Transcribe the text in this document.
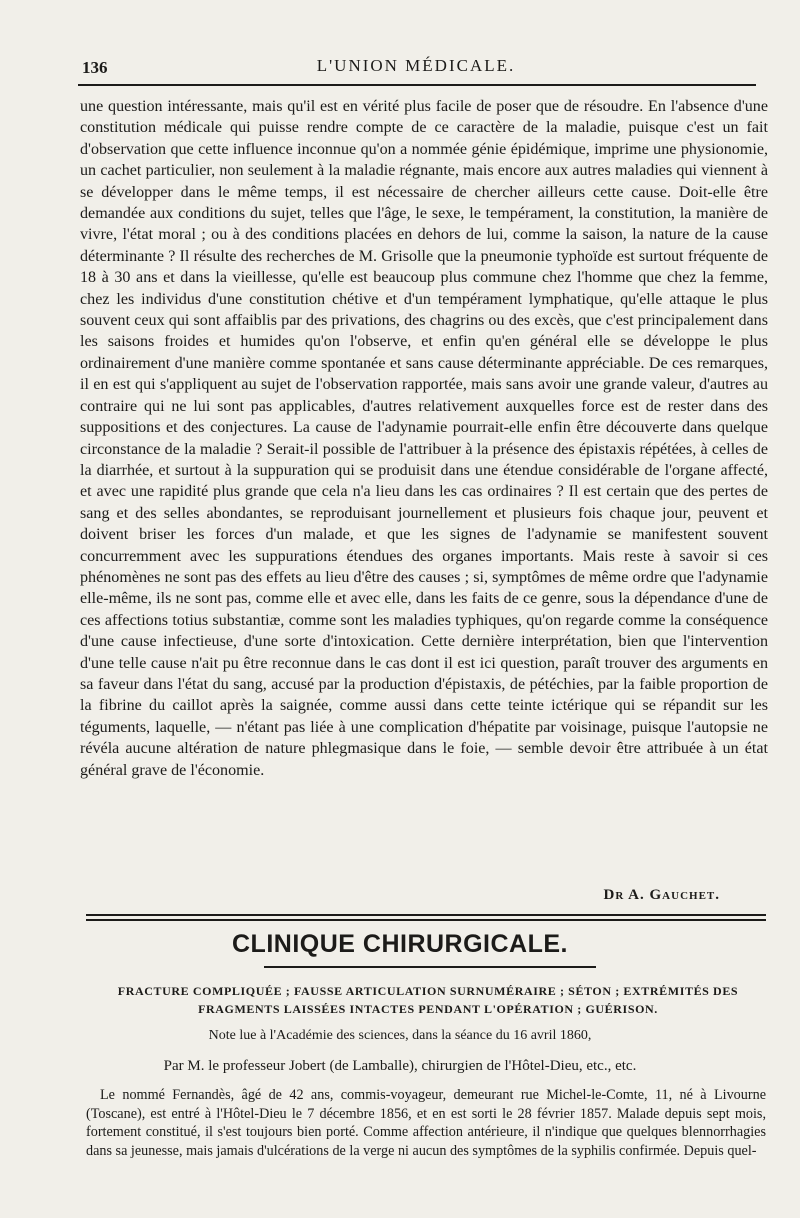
136	L'UNION MÉDICALE.

une question intéressante, mais qu'il est en vérité plus facile de poser que de résoudre. En l'absence d'une constitution médicale qui puisse rendre compte de ce caractère de la maladie, puisque c'est un fait d'observation que cette influence inconnue qu'on a nommée génie épidémique, imprime une physionomie, un cachet particulier, non seulement à la maladie régnante, mais encore aux autres maladies qui viennent à se développer dans le même temps, il est nécessaire de chercher ailleurs cette cause. Doit-elle être demandée aux conditions du sujet, telles que l'âge, le sexe, le tempérament, la constitution, la manière de vivre, l'état moral ; ou à des conditions placées en dehors de lui, comme la saison, la nature de la cause déterminante ? Il résulte des recherches de M. Grisolle que la pneumonie typhoïde est surtout fréquente de 18 à 30 ans et dans la vieillesse, qu'elle est beaucoup plus commune chez l'homme que chez la femme, chez les individus d'une constitution chétive et d'un tempérament lymphatique, qu'elle attaque le plus souvent ceux qui sont affaiblis par des privations, des chagrins ou des excès, que c'est principalement dans les saisons froides et humides qu'on l'observe, et enfin qu'en général elle se développe le plus ordinairement d'une manière comme spontanée et sans cause déterminante appréciable. De ces remarques, il en est qui s'appliquent au sujet de l'observation rapportée, mais sans avoir une grande valeur, d'autres au contraire qui ne lui sont pas applicables, d'autres relativement auxquelles force est de rester dans des suppositions et des conjectures. La cause de l'adynamie pourrait-elle enfin être découverte dans quelque circonstance de la maladie ? Serait-il possible de l'attribuer à la présence des épistaxis répétées, à celles de la diarrhée, et surtout à la suppuration qui se produisit dans une étendue considérable de l'organe affecté, et avec une rapidité plus grande que cela n'a lieu dans les cas ordinaires ? Il est certain que des pertes de sang et des selles abondantes, se reproduisant journellement et plusieurs fois chaque jour, peuvent et doivent briser les forces d'un malade, et que les signes de l'adynamie se manifestent souvent concurremment avec les suppurations étendues des organes importants. Mais reste à savoir si ces phénomènes ne sont pas des effets au lieu d'être des causes ; si, symptômes de même ordre que l'adynamie elle-même, ils ne sont pas, comme elle et avec elle, dans les faits de ce genre, sous la dépendance d'une de ces affections totius substantiæ, comme sont les maladies typhiques, qu'on regarde comme la conséquence d'une cause infectieuse, d'une sorte d'intoxication. Cette dernière interprétation, bien que l'intervention d'une telle cause n'ait pu être reconnue dans le cas dont il est ici question, paraît trouver des arguments en sa faveur dans l'état du sang, accusé par la production d'épistaxis, de pétéchies, par la faible proportion de la fibrine du caillot après la saignée, comme aussi dans cette teinte ictérique qui se répandit sur les téguments, laquelle, — n'étant pas liée à une complication d'hépatite par voisinage, puisque l'autopsie ne révéla aucune altération de nature phlegmasique dans le foie, — semble devoir être attribuée à un état général grave de l'économie.

Dr A. Gauchet.
CLINIQUE CHIRURGICALE.
FRACTURE COMPLIQUÉE ; FAUSSE ARTICULATION SURNUMÉRAIRE ; SÉTON ; EXTRÉMITÉS DES FRAGMENTS LAISSÉES INTACTES PENDANT L'OPÉRATION ; GUÉRISON.
Note lue à l'Académie des sciences, dans la séance du 16 avril 1860,
Par M. le professeur Jobert (de Lamballe), chirurgien de l'Hôtel-Dieu, etc., etc.

Le nommé Fernandès, âgé de 42 ans, commis-voyageur, demeurant rue Michel-le-Comte, 11, né à Livourne (Toscane), est entré à l'Hôtel-Dieu le 7 décembre 1856, et en est sorti le 28 février 1857. Malade depuis sept mois, fortement constitué, il s'est toujours bien porté. Comme affection antérieure, il n'indique que quelques blennorrhagies dans sa jeunesse, mais jamais d'ulcérations de la verge ni aucun des symptômes de la syphilis confirmée. Depuis quel-
